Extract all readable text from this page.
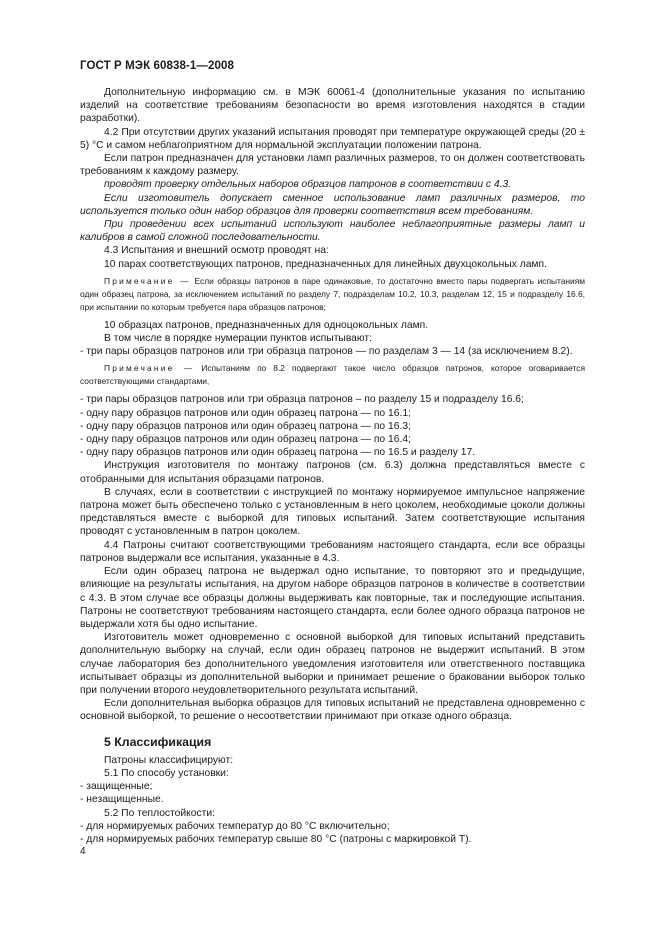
ГОСТ Р МЭК 60838-1—2008

Дополнительную информацию см. в МЭК 60061-4 (дополнительные указания по испытанию изделий на соответствие требованиям безопасности во время изготовления находятся в стадии разработки).

4.2 При отсутствии других указаний испытания проводят при температуре окружающей среды (20 ± 5) °С и самом неблагоприятном для нормальной эксплуатации положении патрона.

Если патрон предназначен для установки ламп различных размеров, то он должен соответствовать требованиям к каждому размеру.

проводят проверку отдельных наборов образцов патронов в соответствии с 4.3.

Если изготовитель допускает сменное использование ламп различных размеров, то используется только один набор образцов для проверки соответствия всем требованиям.

При проведении всех испытаний используют наиболее неблагоприятные размеры ламп и калибров в самой сложной последовательности.

4.3 Испытания и внешний осмотр проводят на:

10 парах соответствующих патронов, предназначенных для линейных двухцокольных ламп.

Примечание — Если образцы патронов в паре одинаковые, то достаточно вместо пары подвергать испытаниям один образец патрона, за исключением испытаний по разделу 7, подразделам 10.2, 10.3, разделам 12, 15 и подразделу 16.6, при испытании по которым требуется пара образцов патронов;

10 образцах патронов, предназначенных для одноцокольных ламп.

В том числе в порядке нумерации пунктов испытывают:

- три пары образцов патронов или три образца патронов — по разделам 3 — 14 (за исключением 8.2).

Примечание — Испытаниям по 8.2 подвергают такое число образцов патронов, которое оговаривается соответствующими стандартами,

- три пары образцов патронов или три образца патронов – по разделу 15 и подразделу 16.6;

- одну пару образцов патронов или один образец патрона — по 16.1;

- одну пару образцов патронов или один образец патрона — по 16.3;

- одну пару образцов патронов или один образец патрона — по 16.4;

- одну пару образцов патронов или один образец патрона — по 16.5 и разделу 17.

Инструкция изготовителя по монтажу патронов (см. 6.3) должна представляться вместе с отобранными для испытания образцами патронов.

В случаях, если в соответствии с инструкцией по монтажу нормируемое импульсное напряжение патрона может быть обеспечено только с установленным в него цоколем, необходимые цоколи должны представляться вместе с выборкой для типовых испытаний. Затем соответствующие испытания проводят с установленным в патрон цоколем.

4.4 Патроны считают соответствующими требованиям настоящего стандарта, если все образцы патронов выдержали все испытания, указанные в 4.3.

Если один образец патрона не выдержал одно испытание, то повторяют это и предыдущие, влияющие на результаты испытания, на другом наборе образцов патронов в количестве в соответствии с 4.3. В этом случае все образцы должны выдерживать как повторные, так и последующие испытания. Патроны не соответствуют требованиям настоящего стандарта, если более одного образца патронов не выдержали хотя бы одно испытание.

Изготовитель может одновременно с основной выборкой для типовых испытаний представить дополнительную выборку на случай, если один образец патронов не выдержит испытаний. В этом случае лаборатория без дополнительного уведомления изготовителя или ответственного поставщика испытывает образцы из дополнительной выборки и принимает решение о браковании выборок только при получении второго неудовлетворительного результата испытаний.

Если дополнительная выборка образцов для типовых испытаний не представлена одновременно с основной выборкой, то решение о несоответствии принимают при отказе одного образца.

5 Классификация

Патроны классифицируют:

5.1 По способу установки:

- защищенные;

- незащищенные.

5.2 По теплостойкости:

- для нормируемых рабочих температур до 80 °С включительно;

- для нормируемых рабочих температур свыше 80 °С (патроны с маркировкой Т).

4
